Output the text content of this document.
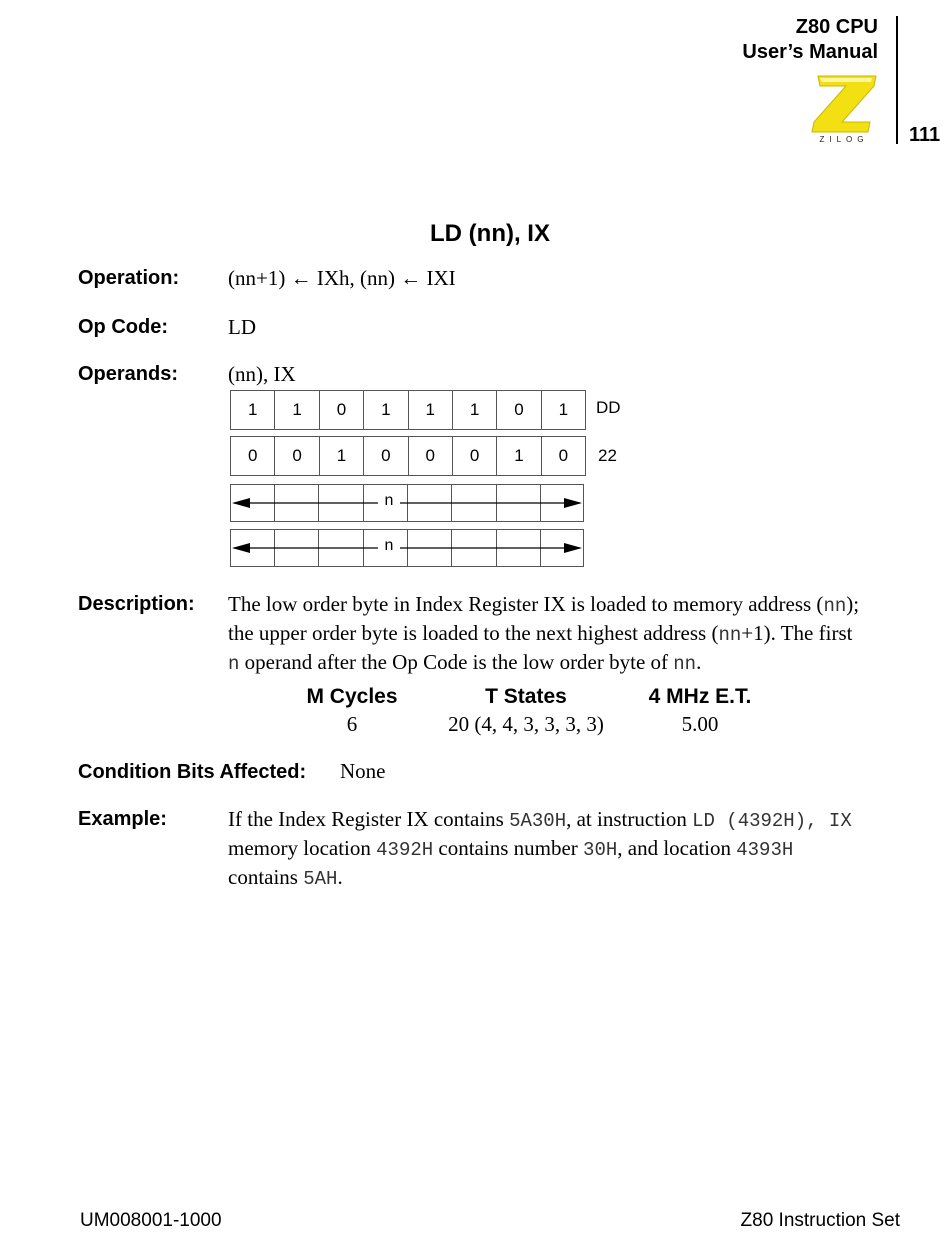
Z80 CPU
User’s Manual
111
ZILOG
LD (nn), IX
Operation: (nn+1) ← IXh, (nn) ← IXI
Op Code:	LD
Operands: (nn), IX
1	1	0	1	1	1	0	1	DD
0	0	1	0	0	0	1	0	22
n
n
Description: The low order byte in Index Register IX is loaded to memory address (nn);
the upper order byte is loaded to the next highest address (nn+1). The first
n operand after the Op Code is the low order byte of nn.
M Cycles	T States	4 MHz E.T.
6	20 (4, 4, 3, 3, 3, 3)	5.00
Condition Bits Affected: None
Example:	If the Index Register IX contains 5A30H, at instruction LD (4392H), IX
memory location 4392H contains number 30H, and location 4393H
contains 5AH.
UM008001-1000	Z80 Instruction Set
